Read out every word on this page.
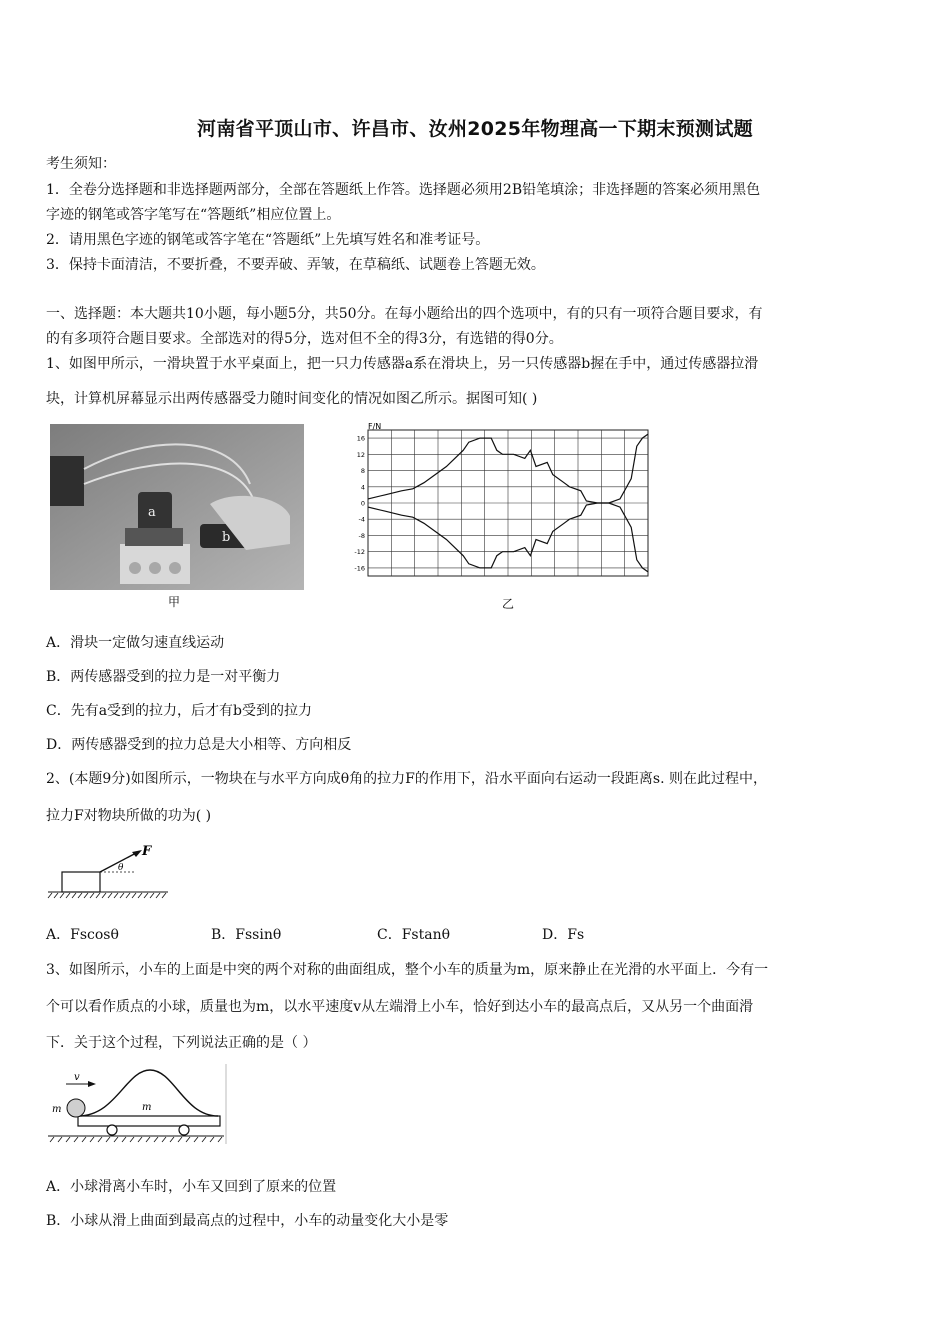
河南省平顶山市、许昌市、汝州2025年物理高一下期末预测试题
考生须知：
1．全卷分选择题和非选择题两部分，全部在答题纸上作答。选择题必须用2B铅笔填涂；非选择题的答案必须用黑色
字迹的钢笔或答字笔写在“答题纸”相应位置上。
2．请用黑色字迹的钢笔或答字笔在“答题纸”上先填写姓名和准考证号。
3．保持卡面清洁，不要折叠，不要弄破、弄皱，在草稿纸、试题卷上答题无效。
一、选择题：本大题共10小题，每小题5分，共50分。在每小题给出的四个选项中，有的只有一项符合题目要求，有
的有多项符合题目要求。全部选对的得5分，选对但不全的得3分，有选错的得0分。
1、如图甲所示，一滑块置于水平桌面上，把一只力传感器a系在滑块上，另一只传感器b握在手中，通过传感器拉滑
块，计算机屏幕显示出两传感器受力随时间变化的情况如图乙所示。据图可知( )
a
b
甲
F/N
16
12
8
4
0
-4
-8
-12
-16
乙
A．滑块一定做匀速直线运动
B．两传感器受到的拉力是一对平衡力
C．先有a受到的拉力，后才有b受到的拉力
D．两传感器受到的拉力总是大小相等、方向相反
2、(本题9分)如图所示，一物块在与水平方向成θ角的拉力F的作用下，沿水平面向右运动一段距离s. 则在此过程中，
拉力F对物块所做的功为( )
F
θ
A．Fscosθ	B．Fssinθ	C．Fstanθ	D．Fs
3、如图所示，小车的上面是中突的两个对称的曲面组成，整个小车的质量为m，原来静止在光滑的水平面上．今有一
个可以看作质点的小球，质量也为m，以水平速度v从左端滑上小车，恰好到达小车的最高点后，又从另一个曲面滑
下．关于这个过程，下列说法正确的是（ ）
v
m	m
A．小球滑离小车时，小车又回到了原来的位置
B．小球从滑上曲面到最高点的过程中，小车的动量变化大小是零
